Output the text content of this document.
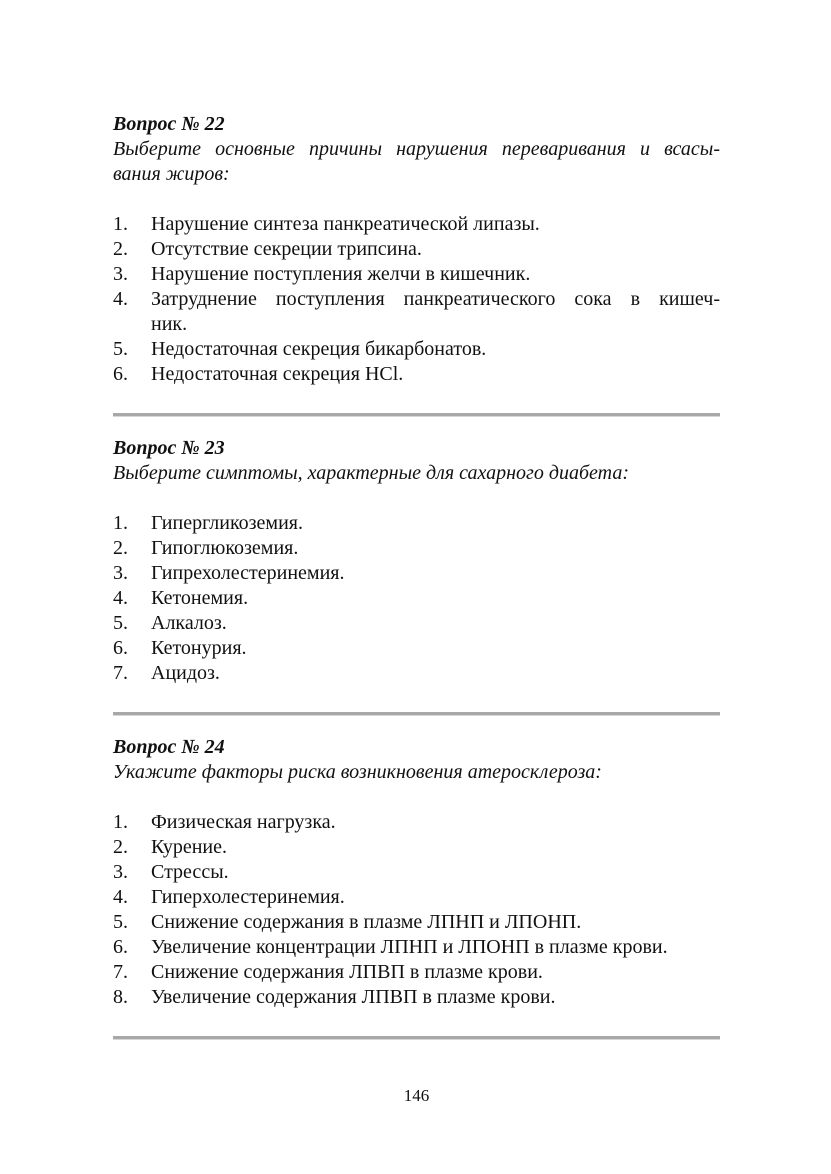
Вопрос № 22
Выберите основные причины нарушения переваривания и всасы-
вания жиров:
1.	Нарушение синтеза панкреатической липазы.
2.	Отсутствие секреции трипсина.
3.	Нарушение поступления желчи в кишечник.
4.	Затруднение поступления панкреатического сока в кишеч-
ник.
5.	Недостаточная секреция бикарбонатов.
6.	Недостаточная секреция HCl.
Вопрос № 23
Выберите симптомы, характерные для сахарного диабета:
1.	Гипергликоземия.
2.	Гипоглюкоземия.
3.	Гипрехолестеринемия.
4.	Кетонемия.
5.	Алкалоз.
6.	Кетонурия.
7.	Ацидоз.
Вопрос № 24
Укажите факторы риска возникновения атеросклероза:
1.	Физическая нагрузка.
2.	Курение.
3.	Стрессы.
4.	Гиперхолестеринемия.
5.	Снижение содержания в плазме ЛПНП и ЛПОНП.
6.	Увеличение концентрации ЛПНП и ЛПОНП в плазме крови.
7.	Снижение содержания ЛПВП в плазме крови.
8.	Увеличение содержания ЛПВП в плазме крови.
146
